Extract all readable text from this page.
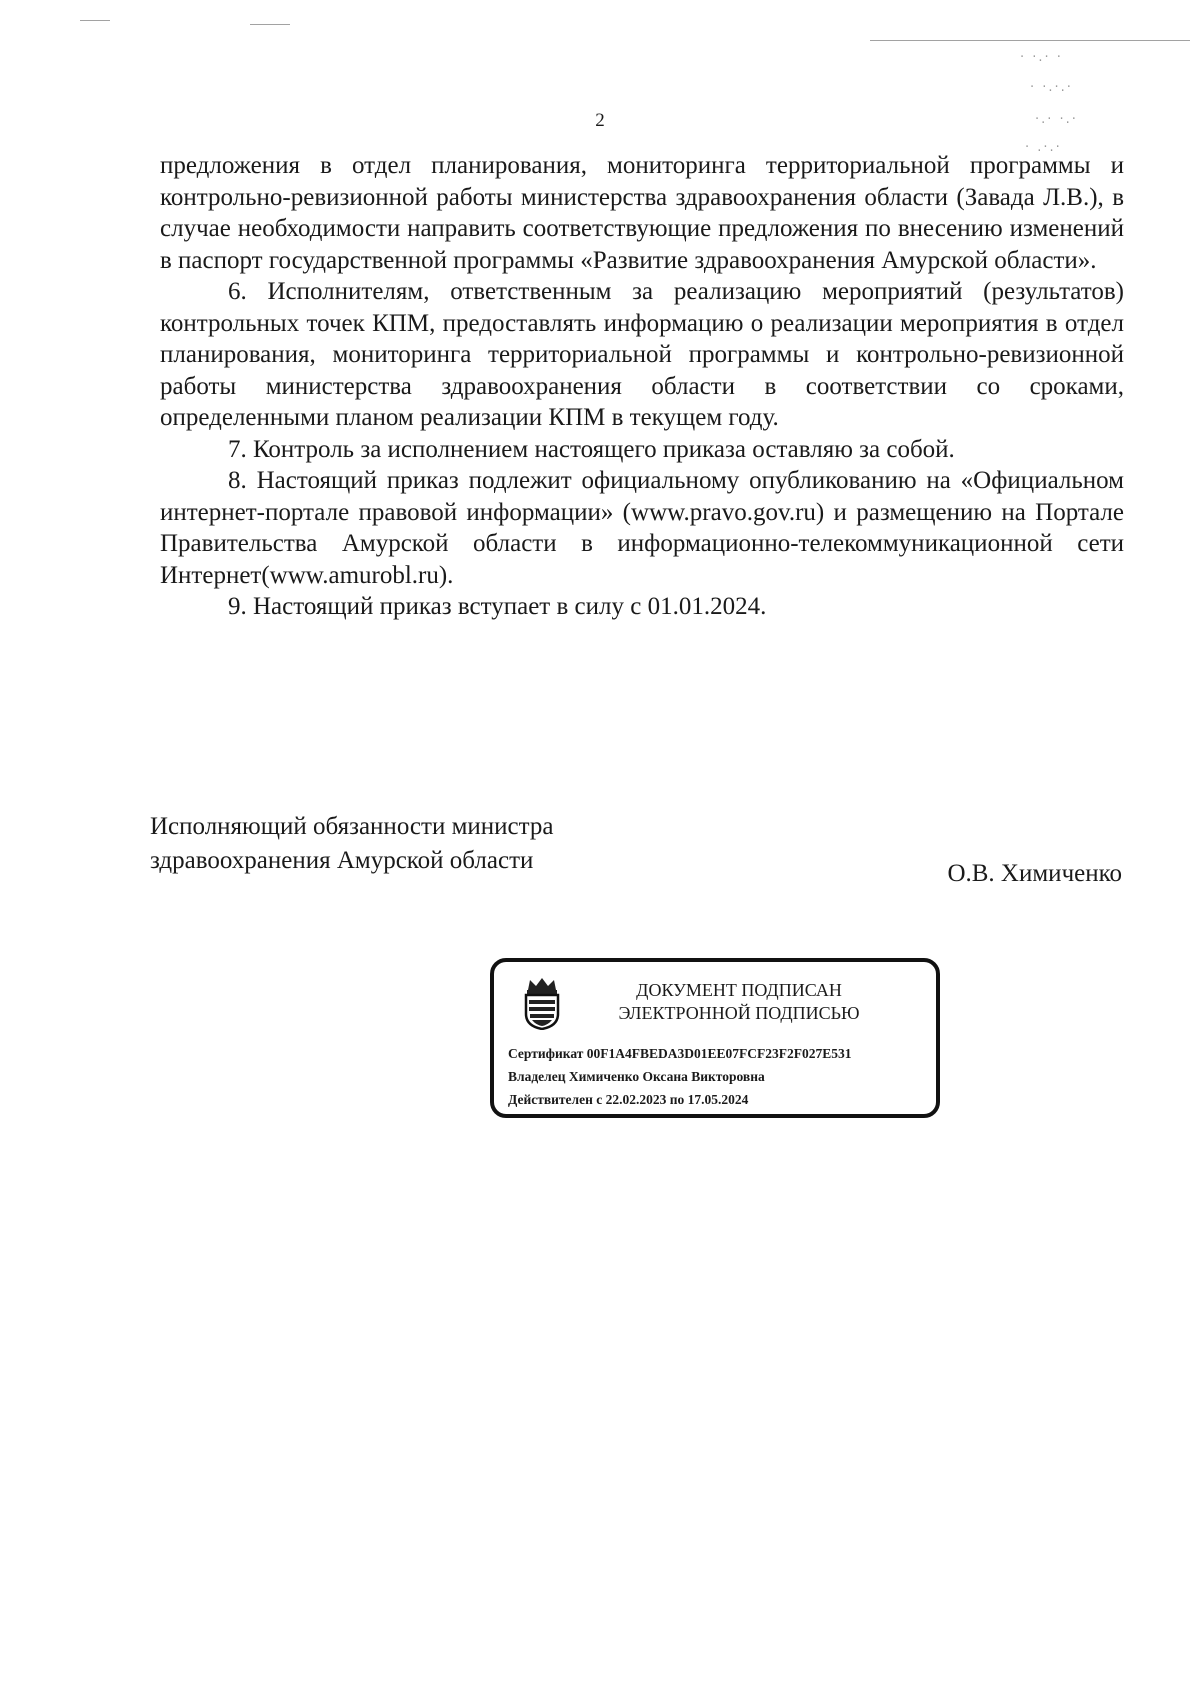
· ·.· ·
· ·.·.·
·.· ·.·
· .·.·
2

предложения в отдел планирования, мониторинга территориальной программы и контрольно-ревизионной работы министерства здравоохранения области (Завада Л.В.), в случае необходимости направить соответствующие предложения по внесению изменений в паспорт государственной программы «Развитие здравоохранения Амурской области».

6. Исполнителям, ответственным за реализацию мероприятий (результатов) контрольных точек КПМ, предоставлять информацию о реализации мероприятия в отдел планирования, мониторинга территориальной программы и контрольно-ревизионной работы министерства здравоохранения области в соответствии со сроками, определенными планом реализации КПМ в текущем году.

7. Контроль за исполнением настоящего приказа оставляю за собой.

8. Настоящий приказ подлежит официальному опубликованию на «Официальном интернет-портале правовой информации» (www.pravo.gov.ru) и размещению на Портале Правительства Амурской области в информационно-телекоммуникационной сети Интернет(www.amurobl.ru).

9. Настоящий приказ вступает в силу с 01.01.2024.

Исполняющий обязанности министра
здравоохранения Амурской области	О.В. Химиченко
ДОКУМЕНТ ПОДПИСАН
ЭЛЕКТРОННОЙ ПОДПИСЬЮ
Сертификат 00F1A4FBEDA3D01EE07FCF23F2F027E531
Владелец Химиченко Оксана Викторовна
Действителен с 22.02.2023 по 17.05.2024
